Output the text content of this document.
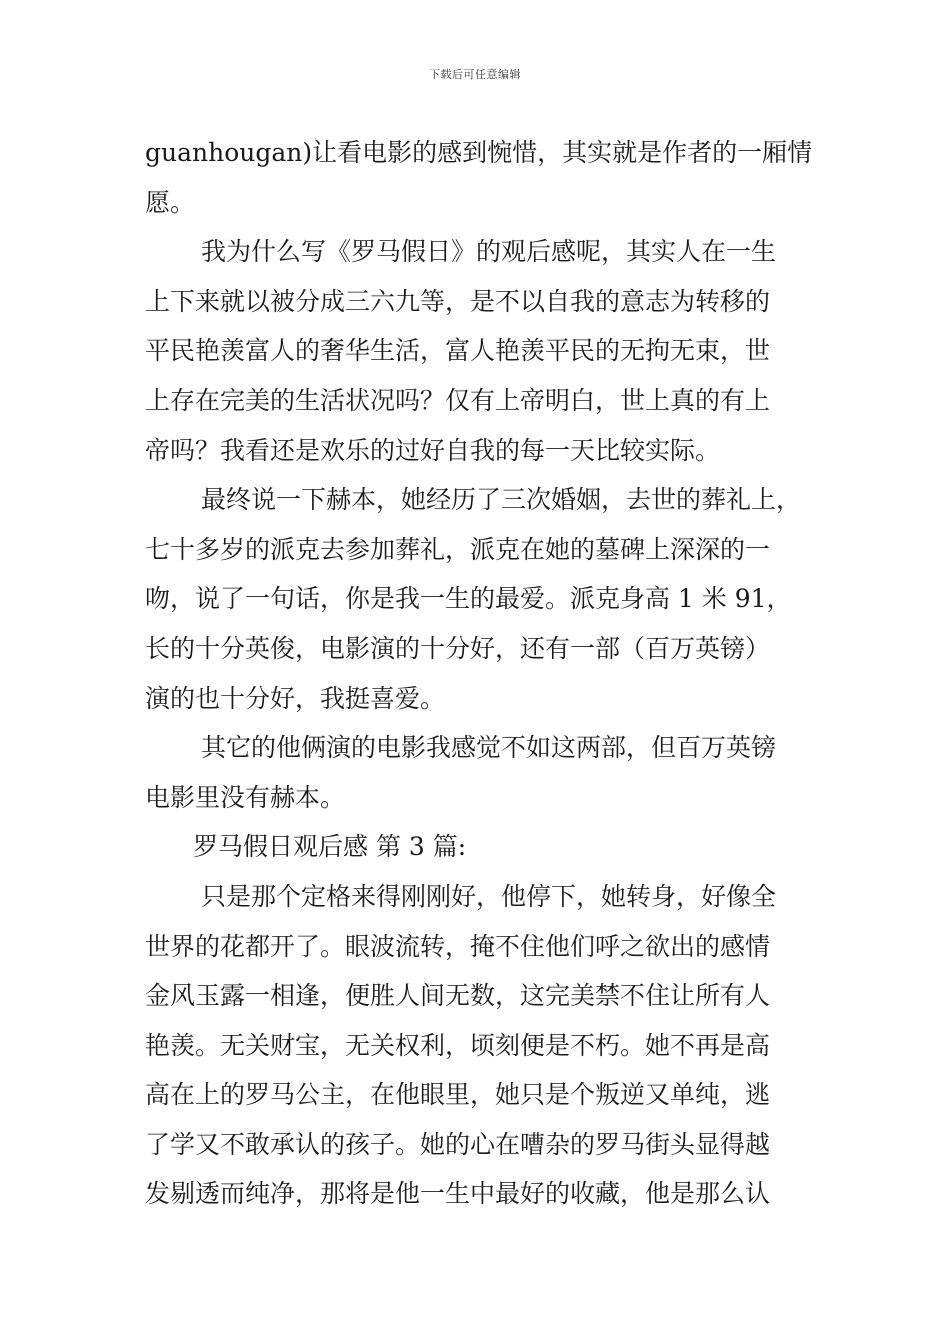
下载后可任意编辑
guanhougan)让看电影的感到惋惜，其实就是作者的一厢情
愿。
我为什么写《罗马假日》的观后感呢，其实人在一生
上下来就以被分成三六九等，是不以自我的意志为转移的
平民艳羡富人的奢华生活，富人艳羡平民的无拘无束，世
上存在完美的生活状况吗？仅有上帝明白，世上真的有上
帝吗？我看还是欢乐的过好自我的每一天比较实际。
最终说一下赫本，她经历了三次婚姻，去世的葬礼上，
七十多岁的派克去参加葬礼，派克在她的墓碑上深深的一
吻，说了一句话，你是我一生的最爱。派克身高 1 米 91，
长的十分英俊，电影演的十分好，还有一部（百万英镑）
演的也十分好，我挺喜爱。
其它的他俩演的电影我感觉不如这两部，但百万英镑
电影里没有赫本。
罗马假日观后感 第 3 篇:
只是那个定格来得刚刚好，他停下，她转身，好像全
世界的花都开了。眼波流转，掩不住他们呼之欲出的感情
金风玉露一相逢，便胜人间无数，这完美禁不住让所有人
艳羡。无关财宝，无关权利，顷刻便是不朽。她不再是高
高在上的罗马公主，在他眼里，她只是个叛逆又单纯，逃
了学又不敢承认的孩子。她的心在嘈杂的罗马街头显得越
发剔透而纯净，那将是他一生中最好的收藏，他是那么认
